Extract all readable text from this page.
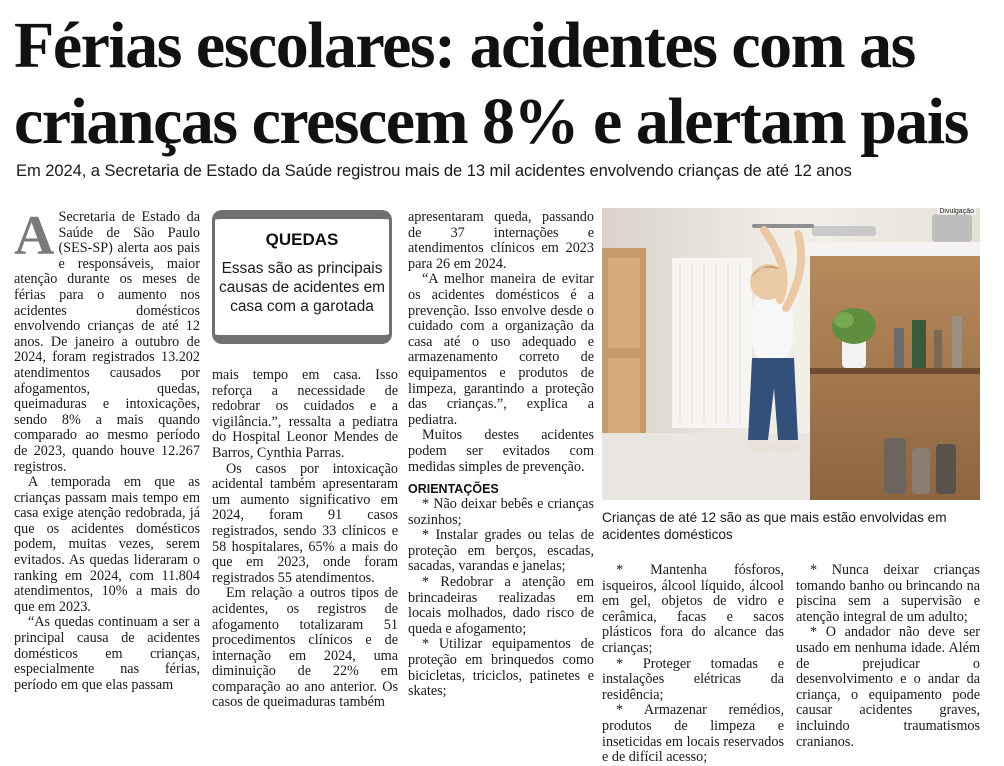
Férias escolares: acidentes com as
crianças crescem 8% e alertam pais
Em 2024, a Secretaria de Estado da Saúde registrou mais de 13 mil acidentes envolvendo crianças de até 12 anos

A Secretaria de Estado da Saúde de São Paulo (SES-SP) alerta aos pais e responsáveis, maior atenção durante os meses de férias para o aumento nos acidentes domésticos envolvendo crianças de até 12 anos. De janeiro a outubro de 2024, foram registrados 13.202 atendimentos causados por afogamentos, quedas, queimaduras e intoxicações, sendo 8% a mais quando comparado ao mesmo período de 2023, quando houve 12.267 registros.

A temporada em que as crianças passam mais tempo em casa exige atenção redobrada, já que os acidentes domésticos podem, muitas vezes, serem evitados. As quedas lideraram o ranking em 2024, com 11.804 atendimentos, 10% a mais do que em 2023.

“As quedas continuam a ser a principal causa de acidentes domésticos em crianças, especialmente nas férias, período em que elas passam

QUEDAS
Essas são as principais causas de acidentes em casa com a garotada

mais tempo em casa. Isso reforça a necessidade de redobrar os cuidados e a vigilância.”, ressalta a pediatra do Hospital Leonor Mendes de Barros, Cynthia Parras.

Os casos por intoxicação acidental também apresentaram um aumento significativo em 2024, foram 91 casos registrados, sendo 33 clínicos e 58 hospitalares, 65% a mais do que em 2023, onde foram registrados 55 atendimentos.

Em relação a outros tipos de acidentes, os registros de afogamento totalizaram 51 procedimentos clínicos e de internação em 2024, uma diminuição de 22% em comparação ao ano anterior. Os casos de queimaduras também

apresentaram queda, passando de 37 internações e atendimentos clínicos em 2023 para 26 em 2024.

“A melhor maneira de evitar os acidentes domésticos é a prevenção. Isso envolve desde o cuidado com a organização da casa até o uso adequado e armazenamento correto de equipamentos e produtos de limpeza, garantindo a proteção das crianças.”, explica a pediatra.

Muitos destes acidentes podem ser evitados com medidas simples de prevenção.

ORIENTAÇÕES

* Não deixar bebês e crianças sozinhos;

* Instalar grades ou telas de proteção em berços, escadas, sacadas, varandas e janelas;

* Redobrar a atenção em brincadeiras realizadas em locais molhados, dado risco de queda e afogamento;

* Utilizar equipamentos de proteção em brinquedos como bicicletas, triciclos, patinetes e skates;

Divulgação
Crianças de até 12 são as que mais estão envolvidas em acidentes domésticos

* Mantenha fósforos, isqueiros, álcool líquido, álcool em gel, objetos de vidro e cerâmica, facas e sacos plásticos fora do alcance das crianças;

* Proteger tomadas e instalações elétricas da residência;

* Armazenar remédios, produtos de limpeza e inseticidas em locais reservados e de difícil acesso;

* Nunca deixar crianças tomando banho ou brincando na piscina sem a supervisão e atenção integral de um adulto;

* O andador não deve ser usado em nenhuma idade. Além de prejudicar o desenvolvimento e o andar da criança, o equipamento pode causar acidentes graves, incluindo traumatismos cranianos.
